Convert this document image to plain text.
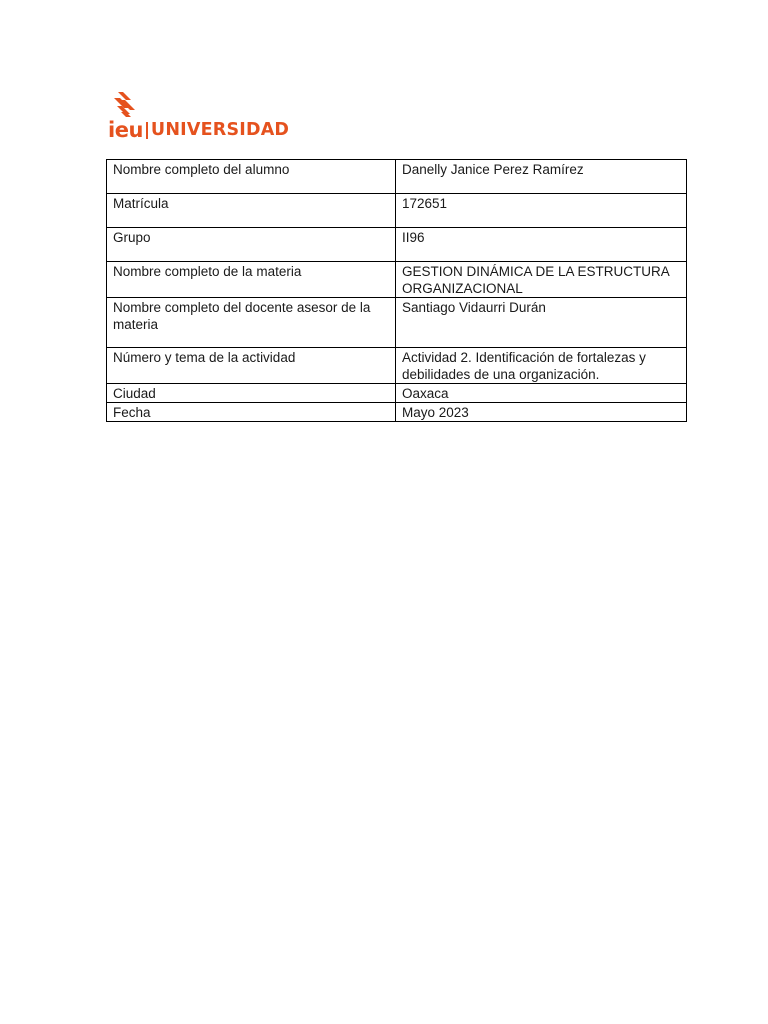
ieu UNIVERSIDAD
Nombre completo del alumno	Danelly Janice Perez Ramírez

Matrícula	172651

Grupo	II96

Nombre completo de la materia	GESTION DINÁMICA DE LA ESTRUCTURA ORGANIZACIONAL

Nombre completo del docente asesor de la materia	Santiago Vidaurri Durán

Número y tema de la actividad	Actividad 2. Identificación de fortalezas y debilidades de una organización.

Ciudad	Oaxaca

Fecha	Mayo 2023
